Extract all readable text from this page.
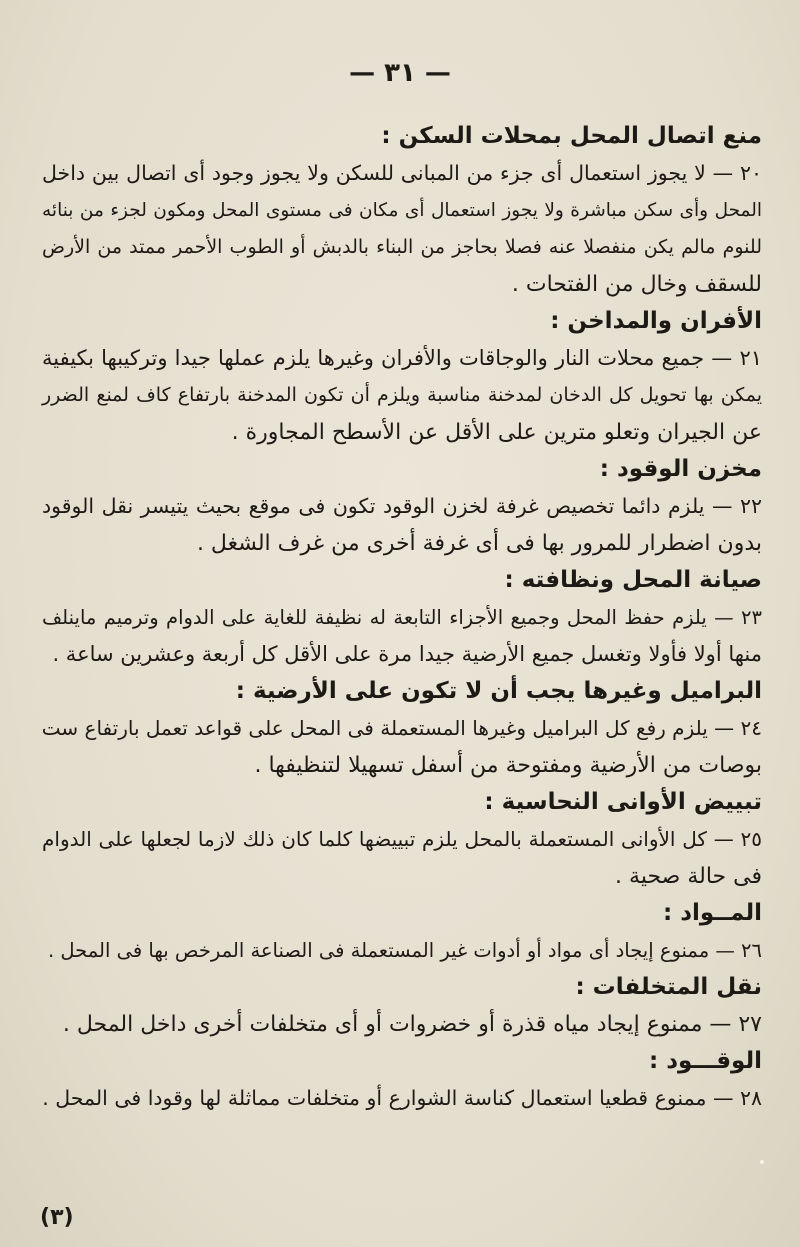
— ٣١ —
منع اتصال المحل بمحلات السكن :
٢٠ — لا يجوز استعمال أى جزء من المبانى للسكن ولا يجوز وجود أى اتصال بين داخل
المحل وأى سكن مباشرة ولا يجوز استعمال أى مكان فى مستوى المحل ومكون لجزء من بنائه
للنوم مالم يكن منفصلا عنه فصلا بحاجز من البناء بالدبش أو الطوب الأحمر ممتد من الأرض
للسقف وخال من الفتحات .
الأفران والمداخن :
٢١ — جميع محلات النار والوجاقات والأفران وغيرها يلزم عملها جيدا وتركيبها بكيفية
يمكن بها تحويل كل الدخان لمدخنة مناسبة ويلزم أن تكون المدخنة بارتفاع كاف لمنع الضرر
عن الجيران وتعلو مترين على الأقل عن الأسطح المجاورة .
مخزن الوقود :
٢٢ — يلزم دائما تخصيص غرفة لخزن الوقود تكون فى موقع بحيث يتيسر نقل الوقود
بدون اضطرار للمرور بها فى أى غرفة أخرى من غرف الشغل .
صيانة المحل ونظافته :
٢٣ — يلزم حفظ المحل وجميع الأجزاء التابعة له نظيفة للغاية على الدوام وترميم ماينلف
منها أولا فأولا وتغسل جميع الأرضية جيدا مرة على الأقل كل أربعة وعشرين ساعة .
البراميل وغيرها يجب أن لا تكون على الأرضية :
٢٤ — يلزم رفع كل البراميل وغيرها المستعملة فى المحل على قواعد تعمل بارتفاع ست
بوصات من الأرضية ومفتوحة من أسفل تسهيلا لتنظيفها .
تبييض الأوانى النحاسية :
٢٥ — كل الأوانى المستعملة بالمحل يلزم تبييضها كلما كان ذلك لازما لجعلها على الدوام
فى حالة صحية .
المــواد :
٢٦ — ممنوع إيجاد أى مواد أو أدوات غير المستعملة فى الصناعة المرخص بها فى المحل .
نقل المتخلفات :
٢٧ — ممنوع إيجاد مياه قذرة أو خضروات أو أى متخلفات أخرى داخل المحل .
الوقـــود :
٢٨ — ممنوع قطعيا استعمال كناسة الشوارع أو متخلفات مماثلة لها وقودا فى المحل .
(٣)
